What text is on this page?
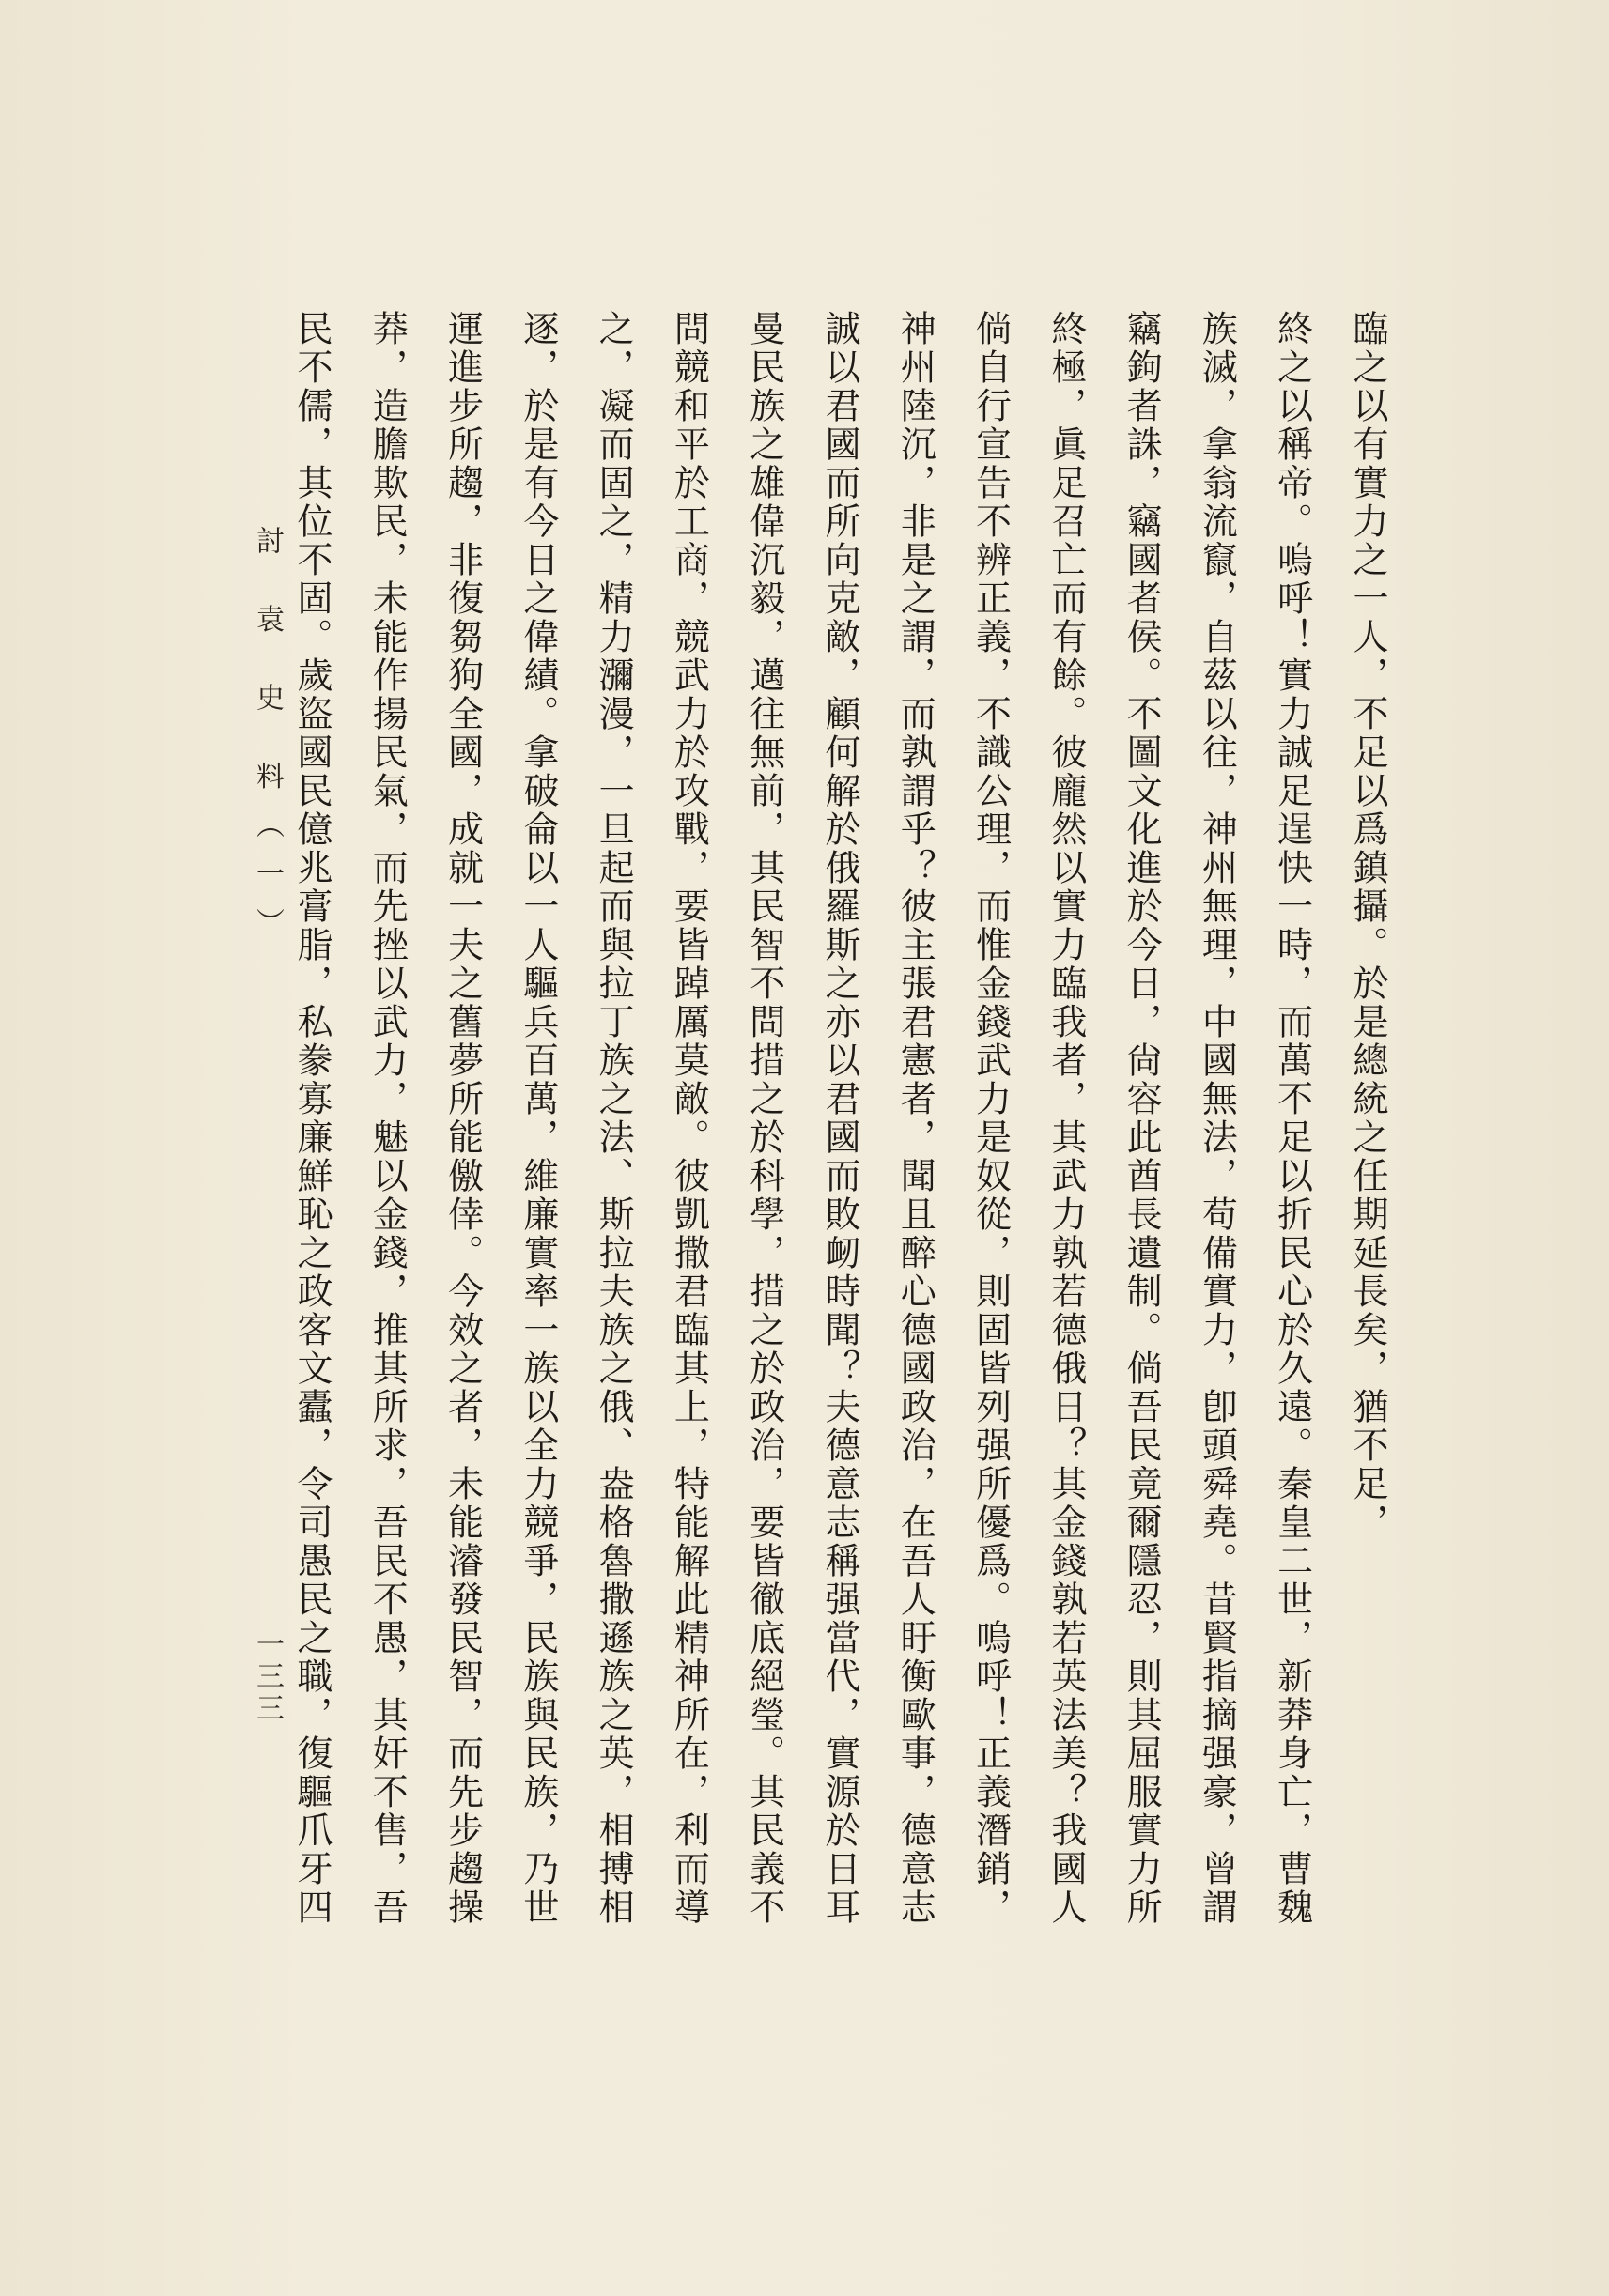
臨之以有實力之一人，不足以爲鎮攝。於是總統之任期延長矣，猶不足，
終之以稱帝。嗚呼！實力誠足逞快一時，而萬不足以折民心於久遠。秦皇二世，新莽身亡，曹魏
族滅，拿翁流竄，自茲以往，神州無理，中國無法，苟備實力，卽頭舜堯。昔賢指摘强豪，曾謂
竊鉤者誅，竊國者侯。不圖文化進於今日，尙容此酋長遺制。倘吾民竟爾隱忍，則其屈服實力所
終極，眞足召亡而有餘。彼龐然以實力臨我者，其武力孰若德俄日？其金錢孰若英法美？我國人
倘自行宣告不辨正義，不識公理，而惟金錢武力是奴從，則固皆列强所優爲。嗚呼！正義潛銷，
神州陸沉，非是之謂，而孰謂乎？彼主張君憲者，聞且醉心德國政治，在吾人盱衡歐事，德意志
誠以君國而所向克敵，顧何解於俄羅斯之亦以君國而敗衂時聞？夫德意志稱强當代，實源於日耳
曼民族之雄偉沉毅，邁往無前，其民智不問措之於科學，措之於政治，要皆徹底絕瑩。其民義不
問競和平於工商，競武力於攻戰，要皆踔厲莫敵。彼凱撒君臨其上，特能解此精神所在，利而導
之，凝而固之，精力瀰漫，一旦起而與拉丁族之法、斯拉夫族之俄、盎格魯撒遜族之英，相搏相
逐，於是有今日之偉績。拿破侖以一人驅兵百萬，維廉實率一族以全力競爭，民族與民族，乃世
運進步所趨，非復芻狗全國，成就一夫之舊夢所能儌倖。今效之者，未能濬發民智，而先步趨操
莽，造膽欺民，未能作揚民氣，而先挫以武力，魅以金錢，推其所求，吾民不愚，其奸不售，吾
民不儒，其位不固。歲盜國民億兆膏脂，私豢寡廉鮮恥之政客文蠹，令司愚民之職，復驅爪牙四
討 袁 史 料（一）
一三三
